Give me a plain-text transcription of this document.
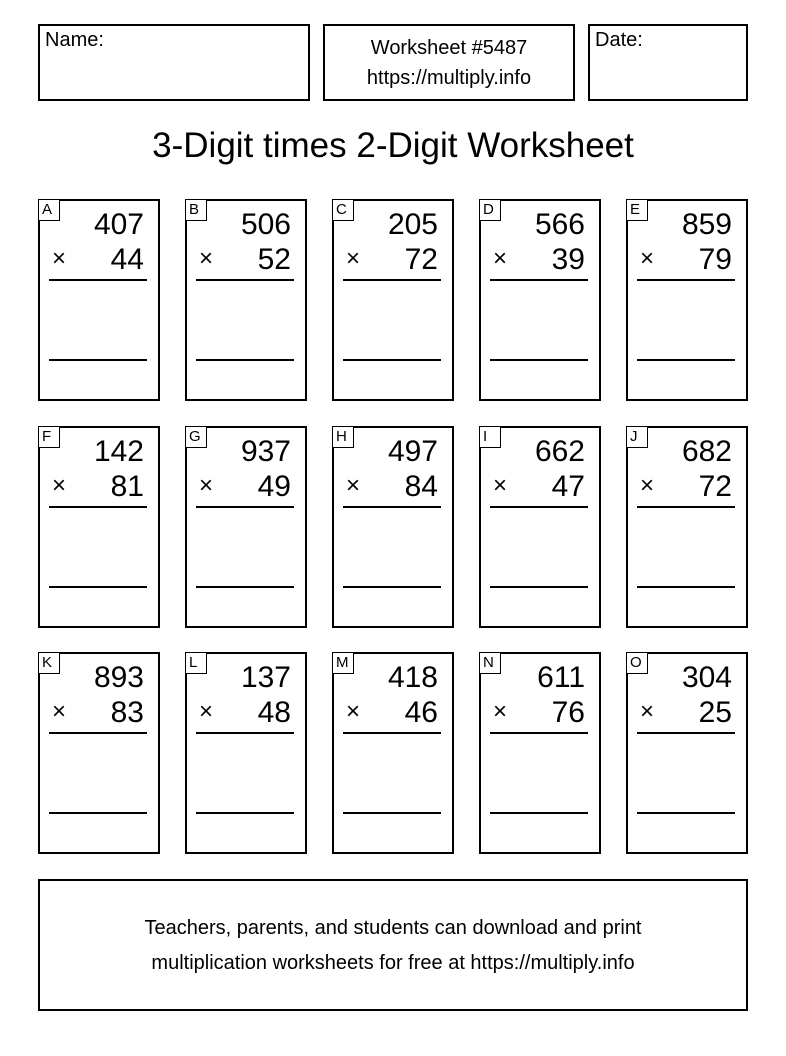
Name:	Worksheet #5487
https://multiply.info
Date:
3-Digit times 2-Digit Worksheet
A 407
× 44
B 506
× 52
C 205
× 72
D 566
× 39
E 859
× 79
F 142
× 81
G 937
× 49
H 497
× 84
I	662
× 47
J	682
× 72
K 893
× 83
L	137
× 48
M 418
× 46
N 611
× 76
O 304
× 25
Teachers, parents, and students can download and print
multiplication worksheets for free at https://multiply.info
